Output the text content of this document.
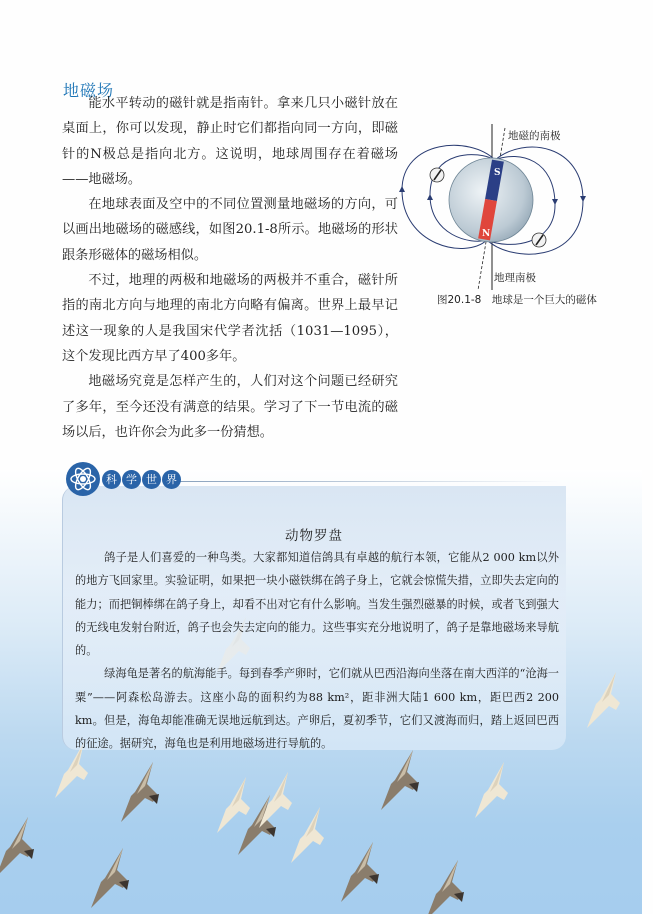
地磁场

能水平转动的磁针就是指南针。拿来几只小磁针放在桌面上，你可以发现，静止时它们都指向同一方向，即磁针的N极总是指向北方。这说明，地球周围存在着磁场——地磁场。

在地球表面及空中的不同位置测量地磁场的方向，可以画出地磁场的磁感线，如图20.1-8所示。地磁场的形状跟条形磁体的磁场相似。

不过，地理的两极和地磁场的两极并不重合，磁针所指的南北方向与地理的南北方向略有偏离。世界上最早记述这一现象的人是我国宋代学者沈括（1031—1095），这个发现比西方早了400多年。

地磁场究竟是怎样产生的，人们对这个问题已经研究了多年，至今还没有满意的结果。学习了下一节电流的磁场以后，也许你会为此多一份猜想。

S
N
地磁的南极
地理南极
图20.1-8　地球是一个巨大的磁体
科 学 世 界
动物罗盘

鸽子是人们喜爱的一种鸟类。大家都知道信鸽具有卓越的航行本领，它能从2 000 km以外的地方飞回家里。实验证明，如果把一块小磁铁绑在鸽子身上，它就会惊慌失措，立即失去定向的能力；而把铜棒绑在鸽子身上，却看不出对它有什么影响。当发生强烈磁暴的时候，或者飞到强大的无线电发射台附近，鸽子也会失去定向的能力。这些事实充分地说明了，鸽子是靠地磁场来导航的。

绿海龟是著名的航海能手。每到春季产卵时，它们就从巴西沿海向坐落在南大西洋的“沧海一粟”——阿森松岛游去。这座小岛的面积约为88 km²，距非洲大陆1 600 km，距巴西2 200 km。但是，海龟却能准确无误地远航到达。产卵后，夏初季节，它们又渡海而归，踏上返回巴西的征途。据研究，海龟也是利用地磁场进行导航的。
